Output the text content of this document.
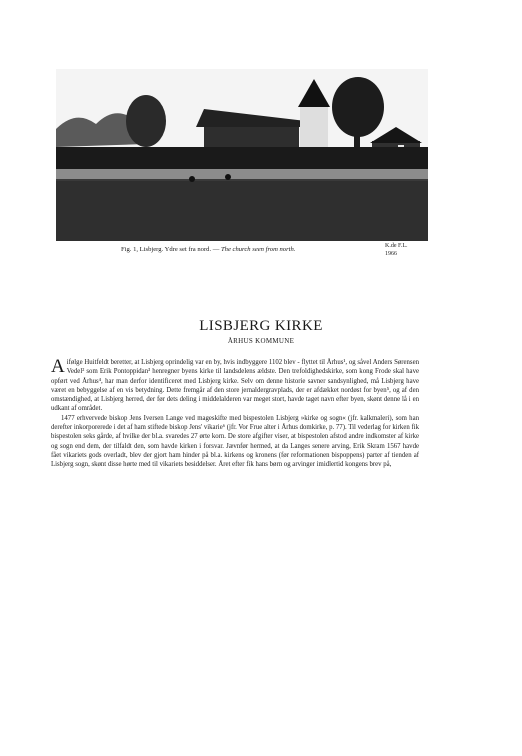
Fig. 1, Lisbjerg. Ydre set fra nord. — The church seen from north.	K.de F.L.
1966
LISBJERG KIRKE
ÅRHUS KOMMUNE

Aifølge Huitfeldt beretter, at Lisbjerg oprindelig var en by, hvis indbyggere 1102 blev - flyttet til Århus¹, og såvel Anders Sørensen Vedel² som Erik Pontoppidan³ henregner byens kirke til landsdelens ældste. Den trefoldighedskirke, som kong Frode skal have opført ved Århus⁴, har man derfor identificeret med Lisbjerg kirke. Selv om denne historie savner sandsynlighed, må Lisbjerg have været en bebyggelse af en vis betydning. Dette fremgår af den store jernaldergravplads, der er afdækket nordøst for byen⁵, og af den omstændighed, at Lisbjerg herred, der før dets deling i middelalderen var meget stort, havde taget navn efter byen, skønt denne lå i en udkant af området.

1477 erhvervede biskop Jens Iversen Lange ved mageskifte med bispestolen Lisbjerg »kirke og sogn« (jfr. kalkmaleri), som han derefter inkorporerede i det af ham stiftede biskop Jens' vikarie⁶ (jfr. Vor Frue alter i Århus domkirke, p. 77). Til vederlag for kirken fik bispestolen seks gårde, af hvilke der bl.a. svaredes 27 ørte korn. De store afgifter viser, at bispestolen afstod andre indkomster af kirke og sogn end dem, der tilfaldt den, som havde kirken i forsvar. Jævnfør hermed, at da Langes senere arving, Erik Skram 1567 havde fået vikariets gods overladt, blev der gjort ham hinder på bl.a. kirkens og kronens (før reformationen bispoppens) parter af tienden af Lisbjerg sogn, skønt disse hørte med til vikariets besiddelser. Året efter fik hans børn og arvinger imidlertid kongens brev på,
